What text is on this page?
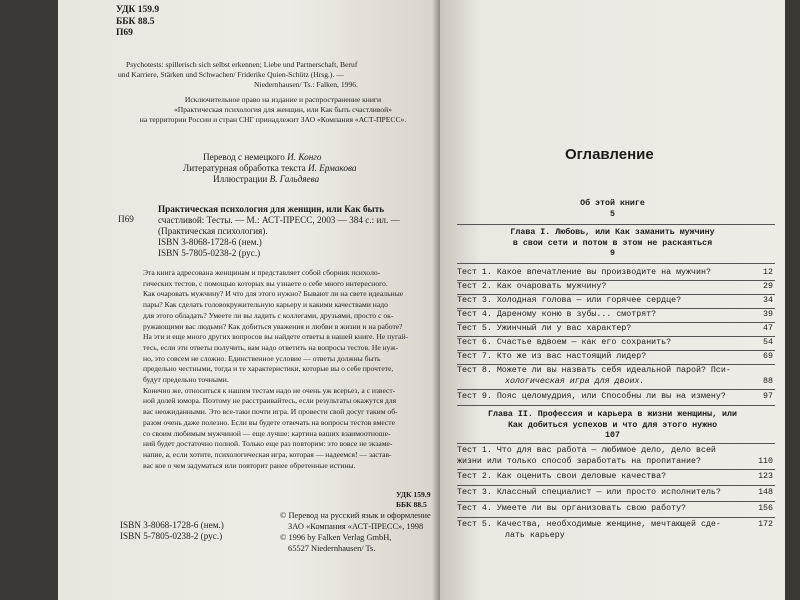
УДК 159.9
ББК 88.5
П69
Psychotests: spillerisch sich selbst erkennen; Liebe und Partnerschaft, Beruf
und Karriere, Stärken und Schwachen/ Friderike Quien-Schütz (Hrsg.). —
Niedernhausen/ Ts.: Falken, 1996.
Исключительное право на издание и распространение книги
«Практическая психология для женщин, или Как быть счастливой»
на территории России и стран СНГ принадлежит ЗАО «Компания «АСТ-ПРЕСС».
Перевод с немецкого И. Конго
Литературная обработка текста И. Ермакова
Иллюстрации В. Гальдяева
П69
Практическая психология для женщин, или Как быть
счастливой: Тесты. — М.: АСТ-ПРЕСС, 2003 — 384 с.: ил. —
(Практическая психология).
ISBN 3-8068-1728-6 (нем.)
ISBN 5-7805-0238-2 (рус.)
Эта книга адресована женщинам и представляет собой сборник психоло-
гических тестов, с помощью которых вы узнаете о себе много интересного.
Как очаровать мужчину? И что для этого нужно? Бывают ли на свете идеальные
пары? Как сделать головокружительную карьеру и какими качествами надо
для этого обладать? Умеете ли вы ладить с коллегами, друзьями, просто с ок-
ружающими вас людьми? Как добиться уважения и любви в жизни и на работе?
На эти и еще много других вопросов вы найдете ответы в нашей книге. Не пугай-
тесь, если эти ответы получить, вам надо ответить на вопросы тестов. Не нуж-
но, это совсем не сложно. Единственное условие — ответы должны быть
предельно честными, тогда и те характеристики, которые вы о себе прочтете,
будут предельно точными.
Конечно же, относиться к нашим тестам надо не очень уж всерьез, а с извест-
ной долей юмора. Поэтому не расстраивайтесь, если результаты окажутся для
вас неожиданными. Это все-таки почти игра. И провести свой досуг таким об-
разом очень даже полезно. Если вы будете отвечать на вопросы тестов вместе
со своим любимым мужчиной — еще лучше: картина ваших взаимоотноше-
ний будет достаточно полной. Только еще раз повторим: это вовсе не экзаме-
напие, а, если хотите, психологическая игра, которая — надеемся! — застав-
вас кое о чем задуматься или повторит ранее обретенные истины.
УДК 159.9
ББК 88.5
ISBN 3-8068-1728-6 (нем.)
ISBN 5-7805-0238-2 (рус.)
© Перевод на русский язык и оформление
ЗАО «Компания «АСТ-ПРЕСС», 1998
© 1996 by Falken Verlag GmbH,
65527 Niedernhausen/ Ts.
Оглавление
Об этой книге
5
Глава I. Любовь, или Как заманить мужчину
в свои сети и потом в этом не раскаяться
9
Тест 1. Какое впечатление вы производите на мужчин?	12
Тест 2. Как очаровать мужчину?	29
Тест 3. Холодная голова — или горячее сердце?	34
Тест 4. Дареному коню в зубы... смотрят?	39
Тест 5. Ужинчный ли у вас характер?	47
Тест 6. Счастье вдвоем — как его сохранить?	54
Тест 7. Кто же из вас настоящий лидер?	69
Тест 8. Можете ли вы назвать себя идеальной парой? Пси-
хологическая игра для двоих.	88
Тест 9. Пояс целомудрия, или Способны ли вы на измену?	97
Глава II. Профессия и карьера в жизни женщины, или
Как добиться успехов и что для этого нужно
107
Тест 1. Что для вас работа — любимое дело, дело всей
жизни или только способ заработать на пропитание?	110
Тест 2. Как оценить свои деловые качества?	123
Тест 3. Классный специалист — или просто исполнитель?	148
Тест 4. Умеете ли вы организовать свою работу?	156
Тест 5. Качества, необходимые женщине, мечтающей сде-
лать карьеру
172
